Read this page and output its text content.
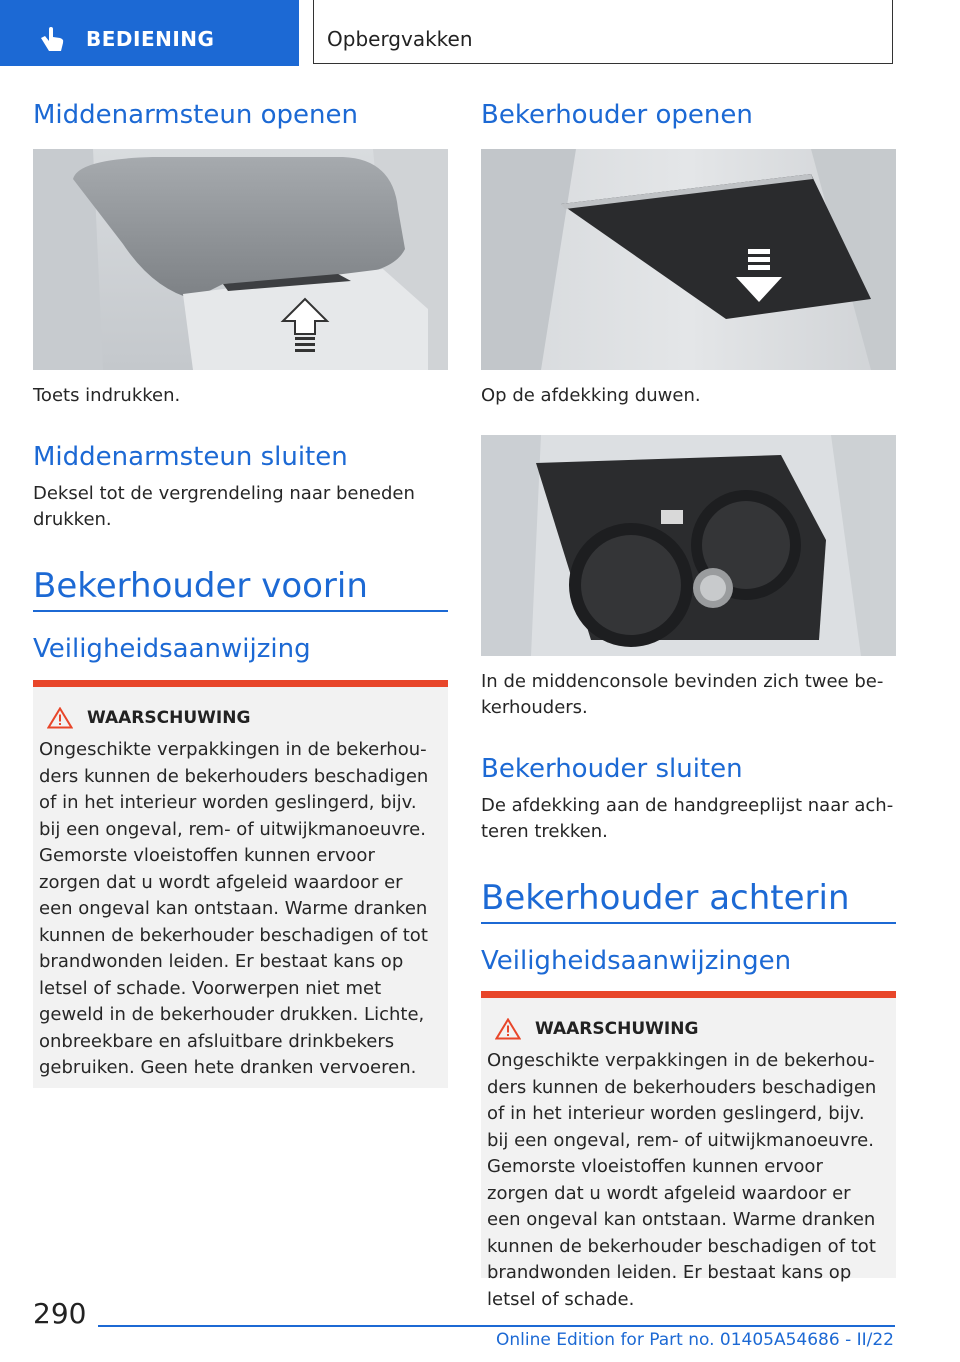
BEDIENING	Opbergvakken
Middenarmsteun openen

Toets indrukken.

Middenarmsteun sluiten

Deksel tot de vergrendeling naar beneden drukken.

Bekerhouder voorin
Veiligheidsaanwijzing
WAARSCHUWING
Ongeschikte verpakkingen in de bekerhouders kunnen de bekerhouders beschadigen of in het interieur worden geslingerd, bijv. bij een ongeval, rem- of uitwijkmanoeuvre. Gemorste vloeistoffen kunnen ervoor zorgen dat u wordt afgeleid waardoor er een ongeval kan ontstaan. Warme dranken kunnen de bekerhouder beschadigen of tot brandwonden leiden. Er bestaat kans op letsel of schade. Voorwerpen niet met geweld in de bekerhouder drukken. Lichte, onbreekbare en afsluitbare drinkbekers gebruiken. Geen hete dranken vervoeren.
Bekerhouder openen

Op de afdekking duwen.

In de middenconsole bevinden zich twee bekerhouders.

Bekerhouder sluiten

De afdekking aan de handgreeplijst naar achteren trekken.

Bekerhouder achterin
Veiligheidsaanwijzingen
WAARSCHUWING
Ongeschikte verpakkingen in de bekerhouders kunnen de bekerhouders beschadigen of in het interieur worden geslingerd, bijv. bij een ongeval, rem- of uitwijkmanoeuvre. Gemorste vloeistoffen kunnen ervoor zorgen dat u wordt afgeleid waardoor er een ongeval kan ontstaan. Warme dranken kunnen de bekerhouder beschadigen of tot brandwonden leiden. Er bestaat kans op letsel of schade.
290
Online Edition for Part no. 01405A54686 - II/22
